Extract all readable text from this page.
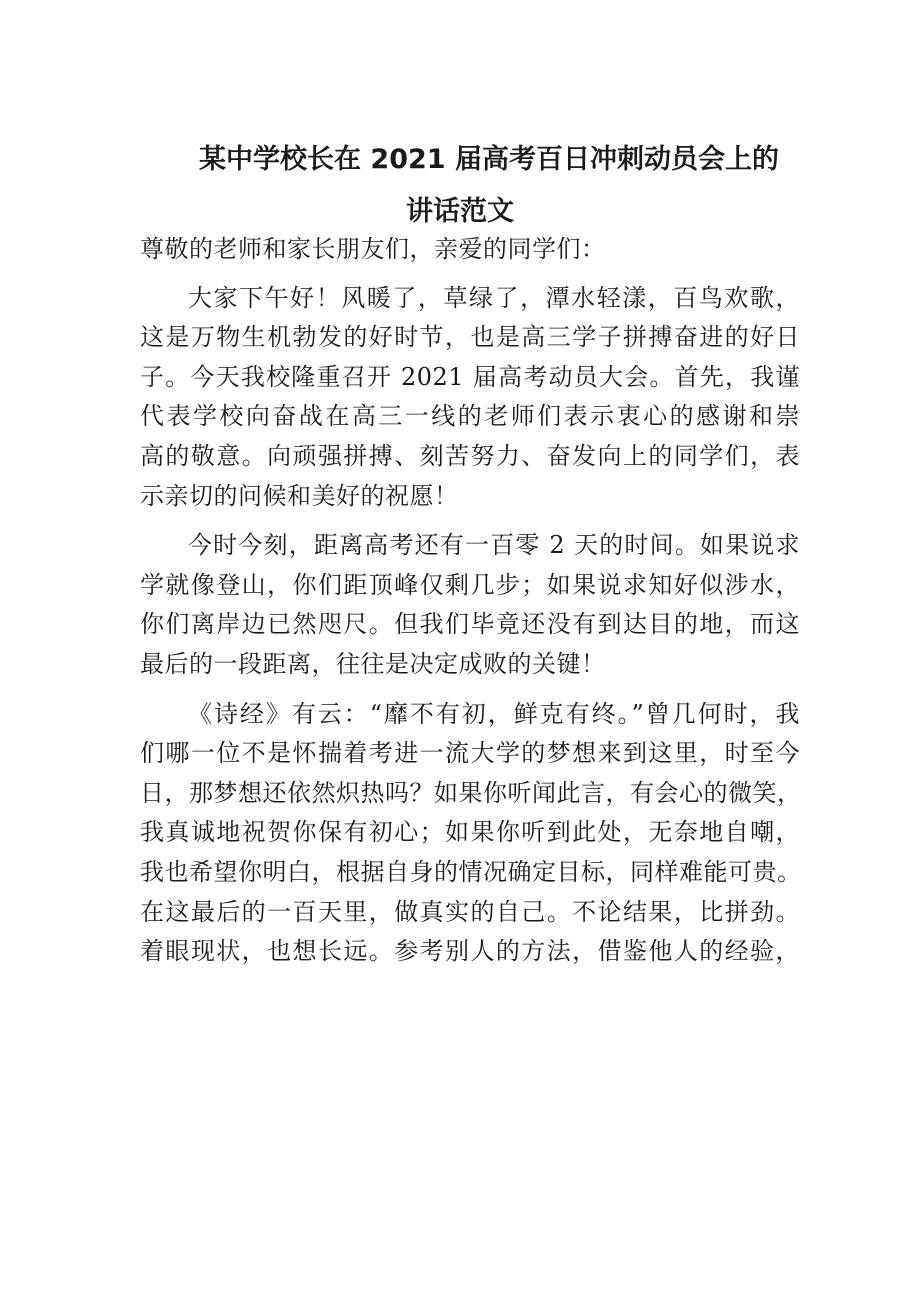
某中学校长在 2021 届高考百日冲刺动员会上的
讲话范文
尊敬的老师和家长朋友们，亲爱的同学们：
大家下午好！风暖了，草绿了，潭水轻漾，百鸟欢歌，
这是万物生机勃发的好时节，也是高三学子拼搏奋进的好日
子。今天我校隆重召开 2021 届高考动员大会。首先，我谨
代表学校向奋战在高三一线的老师们表示衷心的感谢和崇
高的敬意。向顽强拼搏、刻苦努力、奋发向上的同学们，表
示亲切的问候和美好的祝愿！
今时今刻，距离高考还有一百零 2 天的时间。如果说求
学就像登山，你们距顶峰仅剩几步；如果说求知好似涉水，
你们离岸边已然咫尺。但我们毕竟还没有到达目的地，而这
最后的一段距离，往往是决定成败的关键！
《诗经》有云：“靡不有初，鲜克有终。”曾几何时，我
们哪一位不是怀揣着考进一流大学的梦想来到这里，时至今
日，那梦想还依然炽热吗？如果你听闻此言，有会心的微笑，
我真诚地祝贺你保有初心；如果你听到此处，无奈地自嘲，
我也希望你明白，根据自身的情况确定目标，同样难能可贵。
在这最后的一百天里，做真实的自己。不论结果，比拼劲。
着眼现状，也想长远。参考别人的方法，借鉴他人的经验，
